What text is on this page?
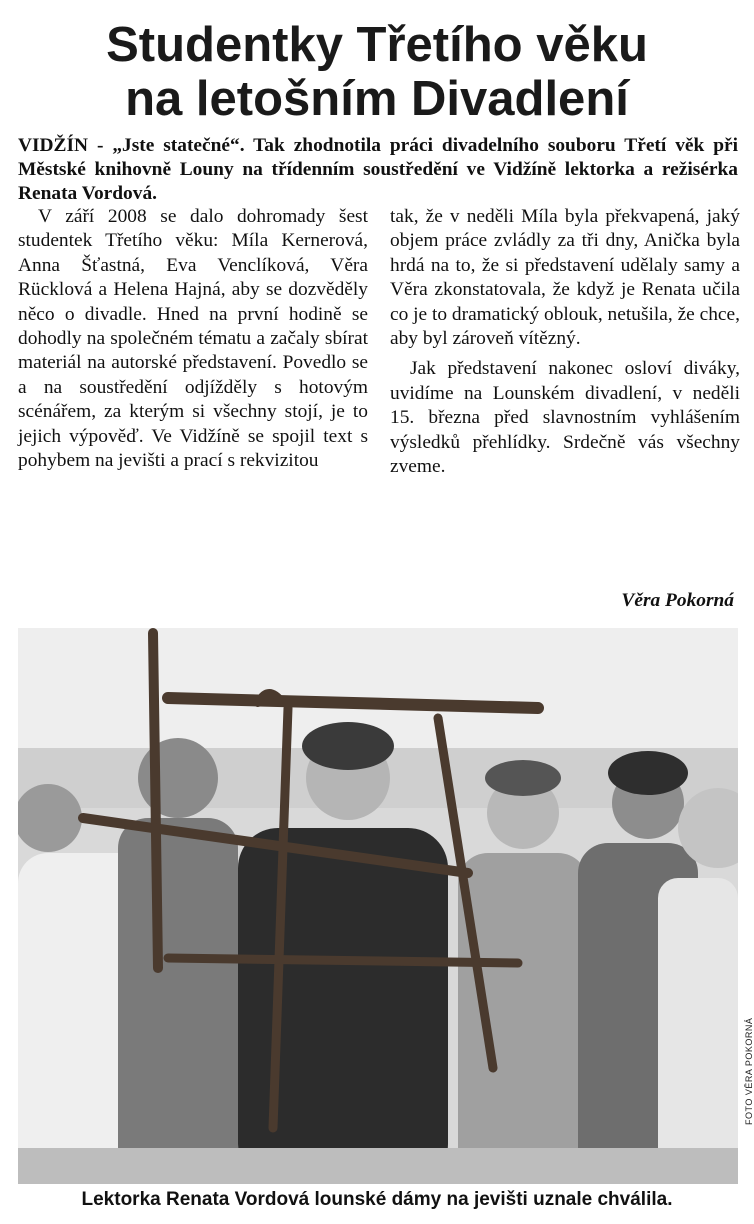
Studentky Třetího věku
na letošním Divadlení
VIDŽÍN - „Jste statečné“. Tak zhodnotila práci divadelního souboru Třetí věk při Městské knihovně Louny na třídenním soustředění ve Vidžíně lektorka a režisérka Renata Vordová.

V září 2008 se dalo dohromady šest studentek Třetího věku: Míla Kernerová, Anna Šťastná, Eva Venclíková, Věra Rücklová a Helena Hajná, aby se dozvěděly něco o divadle. Hned na první hodině se dohodly na společném tématu a začaly sbírat materiál na autorské představení. Povedlo se a na soustředění odjížděly s hotovým scénářem, za kterým si všechny stojí, je to jejich výpověď. Ve Vidžíně se spojil text s pohybem na jevišti a prací s rekvizitou

tak, že v neděli Míla byla překvapená, jaký objem práce zvládly za tři dny, Anička byla hrdá na to, že si představení udělaly samy a Věra zkonstatovala, že když je Renata učila co je to dramatický oblouk, netušila, že chce, aby byl zároveň vítězný.

Jak představení nakonec osloví diváky, uvidíme na Lounském divadlení, v neděli 15. března před slavnostním vyhlášením výsledků přehlídky. Srdečně vás všechny zveme.

Věra Pokorná
FOTO VĚRA POKORNÁ
Lektorka Renata Vordová lounské dámy na jevišti uznale chválila.
